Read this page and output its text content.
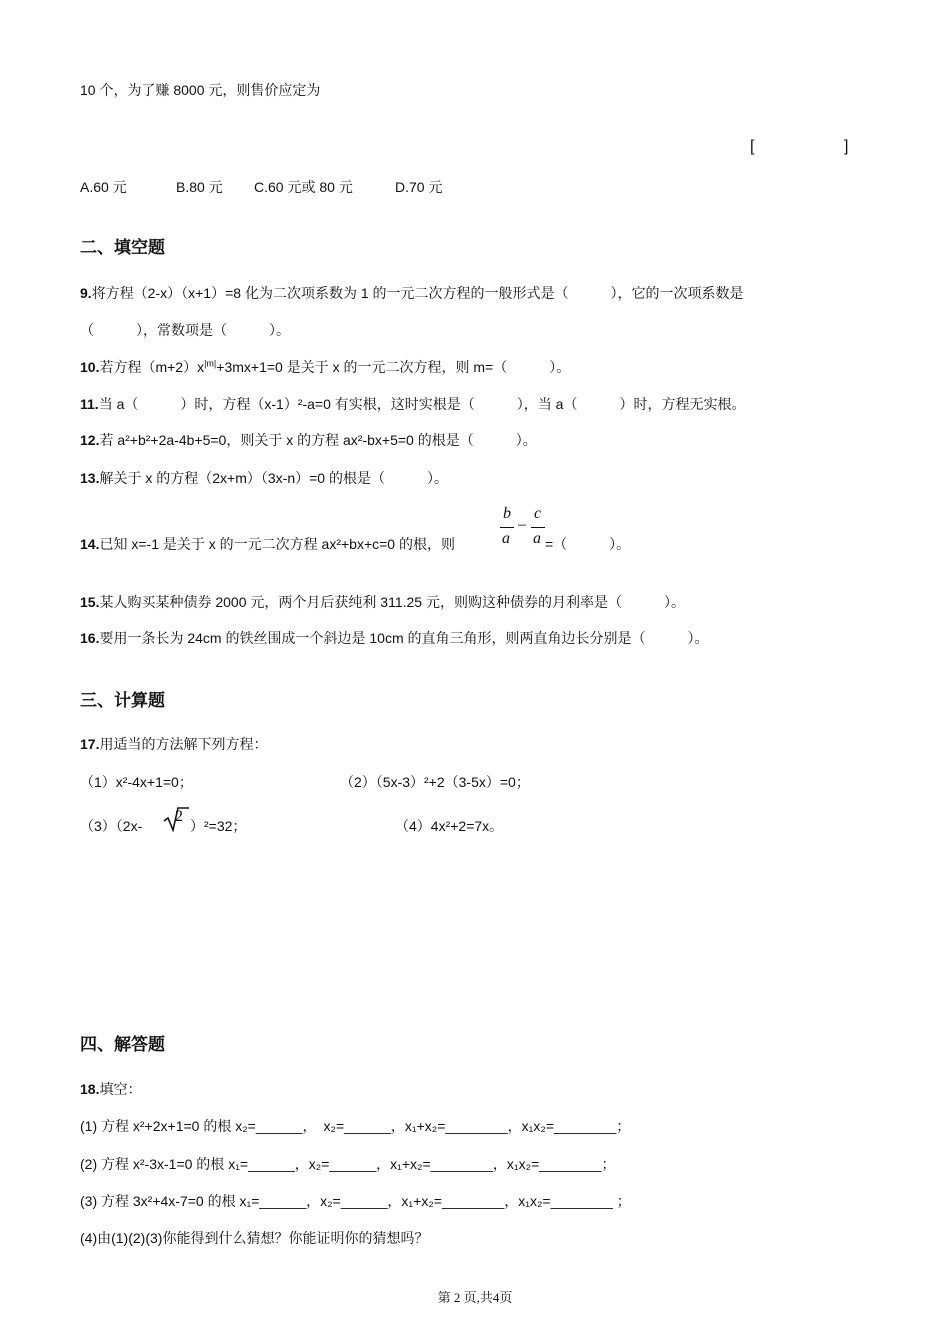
10 个，为了赚 8000 元，则售价应定为
[	]
A.60 元	B.80 元 C.60 元或 80 元	D.70 元
二、填空题
9.将方程（2-x）（x+1）=8 化为二次项系数为 1 的一元二次方程的一般形式是（　　　），它的一次项系数是
（　　　），常数项是（　　　）。
10.若方程$(m+2)x^{|m|}+3mx+1=0$ 是关于 x 的一元二次方程，则 m=（　　　）。
11.当 a（　　　）时，方程（x-1）²-a=0 有实根，这时实根是（　　　），当 a（　　　）时，方程无实根。
12.若 a²+b²+2a-4b+5=0，则关于 x 的方程 ax²-bx+5=0 的根是（　　　）。
13.解关于 x 的方程（2x+m）（3x-n）=0 的根是（　　　）。
14.已知 x=-1 是关于 x 的一元二次方程 ax²+bx+c=0 的根，则
b
a
–
c
a =（　　　）。
15.某人购买某种债券 2000 元，两个月后获纯利 311.25 元，则购这种债券的月利率是（　　　）。
16.要用一条长为 24cm 的铁丝围成一个斜边是 10cm 的直角三角形，则两直角边长分别是（　　　）。
三、计算题
17.用适当的方法解下列方程：
（1）x²-4x+1=0；	（2）（5x-3）²+2（3-5x）=0；
（3）（2x-
2
）²=32；	（4）4x²+2=7x。
四、解答题
18.填空：
(1) 方程 x²+2x+1=0 的根 x₂=______，　x₂=______，x₁+x₂=________，x₁x₂=________；
(2) 方程 x²-3x-1=0 的根 x₁=______，x₂=______，x₁+x₂=________，x₁x₂=________；
(3) 方程 3x²+4x-7=0 的根 x₁=______，x₂=______，x₁+x₂=________，x₁x₂=________ ；
(4)由(1)(2)(3)你能得到什么猜想？你能证明你的猜想吗？
第 2 页,共4页
